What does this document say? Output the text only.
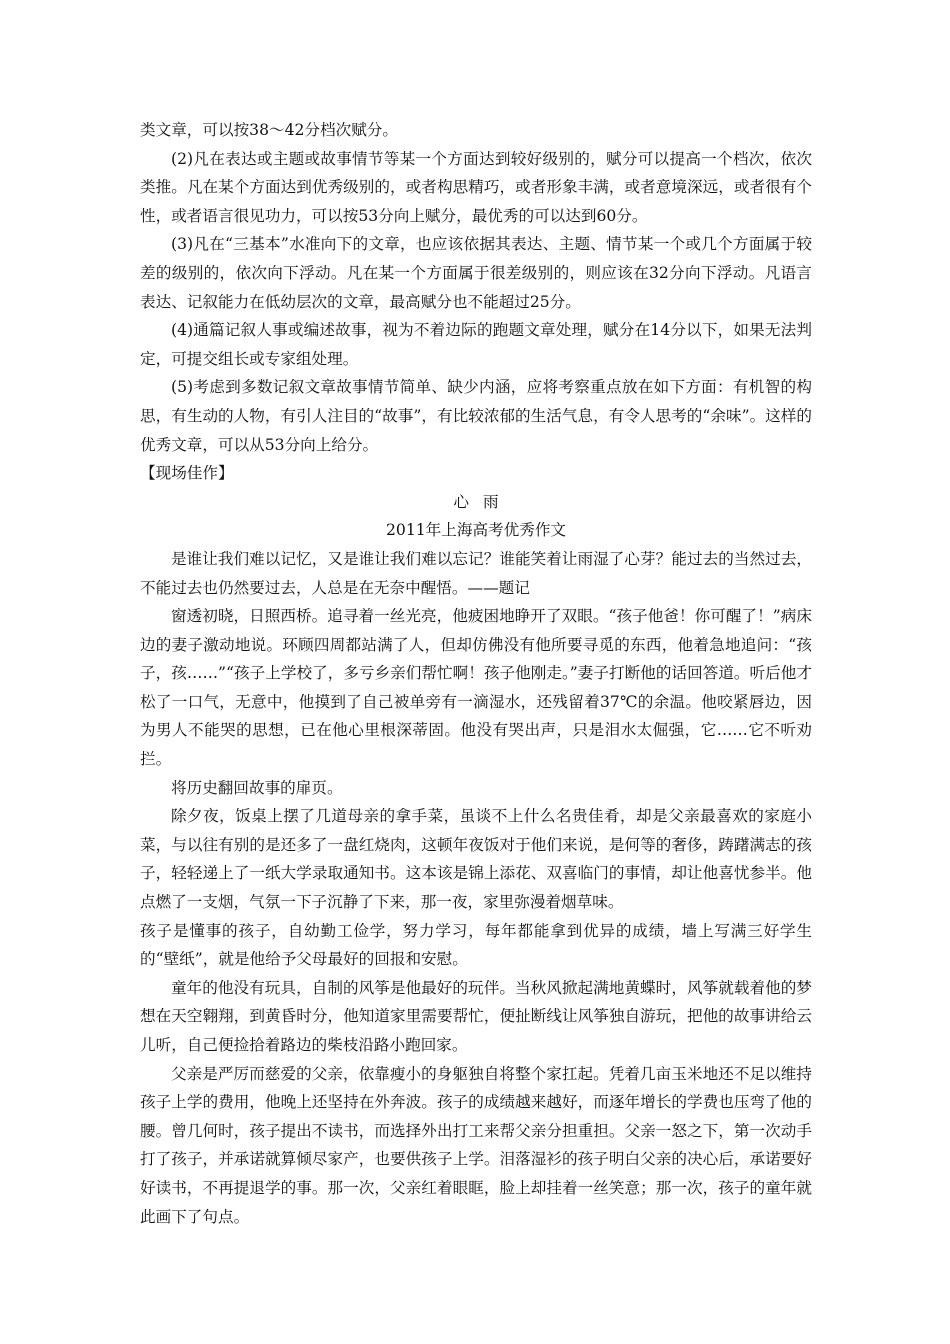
类文章，可以按38～42分档次赋分。

(2)凡在表达或主题或故事情节等某一个方面达到较好级别的，赋分可以提高一个档次，依次类推。凡在某个方面达到优秀级别的，或者构思精巧，或者形象丰满，或者意境深远，或者很有个性，或者语言很见功力，可以按53分向上赋分，最优秀的可以达到60分。

(3)凡在“三基本”水准向下的文章，也应该依据其表达、主题、情节某一个或几个方面属于较差的级别的，依次向下浮动。凡在某一个方面属于很差级别的，则应该在32分向下浮动。凡语言表达、记叙能力在低幼层次的文章，最高赋分也不能超过25分。

(4)通篇记叙人事或编述故事，视为不着边际的跑题文章处理，赋分在14分以下，如果无法判定，可提交组长或专家组处理。

(5)考虑到多数记叙文章故事情节简单、缺少内涵，应将考察重点放在如下方面：有机智的构思，有生动的人物，有引人注目的“故事”，有比较浓郁的生活气息，有令人思考的“余味”。这样的优秀文章，可以从53分向上给分。

【现场佳作】

心雨

2011年上海高考优秀作文

是谁让我们难以记忆，又是谁让我们难以忘记？谁能笑着让雨湿了心芽？能过去的当然过去，不能过去也仍然要过去，人总是在无奈中醒悟。——题记

窗透初晓，日照西桥。追寻着一丝光亮，他疲困地睁开了双眼。“孩子他爸！你可醒了！”病床边的妻子激动地说。环顾四周都站满了人，但却仿佛没有他所要寻觅的东西，他着急地追问：“孩子，孩……”“孩子上学校了，多亏乡亲们帮忙啊！孩子他刚走。”妻子打断他的话回答道。听后他才松了一口气，无意中，他摸到了自己被单旁有一滴湿水，还残留着37℃的余温。他咬紧唇边，因为男人不能哭的思想，已在他心里根深蒂固。他没有哭出声，只是泪水太倔强，它……它不听劝拦。

将历史翻回故事的扉页。

除夕夜，饭桌上摆了几道母亲的拿手菜，虽谈不上什么名贵佳肴，却是父亲最喜欢的家庭小菜，与以往有别的是还多了一盘红烧肉，这顿年夜饭对于他们来说，是何等的奢侈，踌躇满志的孩子，轻轻递上了一纸大学录取通知书。这本该是锦上添花、双喜临门的事情，却让他喜忧参半。他点燃了一支烟，气氛一下子沉静了下来，那一夜，家里弥漫着烟草味。

孩子是懂事的孩子，自幼勤工俭学，努力学习，每年都能拿到优异的成绩，墙上写满三好学生的“壁纸”，就是他给予父母最好的回报和安慰。

童年的他没有玩具，自制的风筝是他最好的玩伴。当秋风掀起满地黄蝶时，风筝就载着他的梦想在天空翱翔，到黄昏时分，他知道家里需要帮忙，便扯断线让风筝独自游玩，把他的故事讲给云儿听，自己便捡拾着路边的柴枝沿路小跑回家。

父亲是严厉而慈爱的父亲，依靠瘦小的身躯独自将整个家扛起。凭着几亩玉米地还不足以维持孩子上学的费用，他晚上还坚持在外奔波。孩子的成绩越来越好，而逐年增长的学费也压弯了他的腰。曾几何时，孩子提出不读书，而选择外出打工来帮父亲分担重担。父亲一怒之下，第一次动手打了孩子，并承诺就算倾尽家产，也要供孩子上学。泪落湿衫的孩子明白父亲的决心后，承诺要好好读书，不再提退学的事。那一次，父亲红着眼眶，脸上却挂着一丝笑意；那一次，孩子的童年就此画下了句点。
